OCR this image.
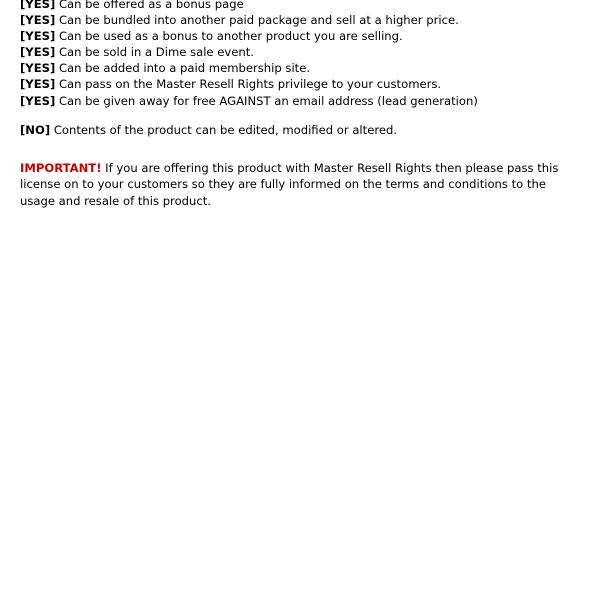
[YES] Can be offered as a bonus page
[YES] Can be bundled into another paid package and sell at a higher price.
[YES] Can be used as a bonus to another product you are selling.
[YES] Can be sold in a Dime sale event.
[YES] Can be added into a paid membership site.
[YES] Can pass on the Master Resell Rights privilege to your customers.
[YES] Can be given away for free AGAINST an email address (lead generation)
[NO] Contents of the product can be edited, modified or altered.
IMPORTANT! If you are offering this product with Master Resell Rights then please pass this license on to your customers so they are fully informed on the terms and conditions to the usage and resale of this product.
